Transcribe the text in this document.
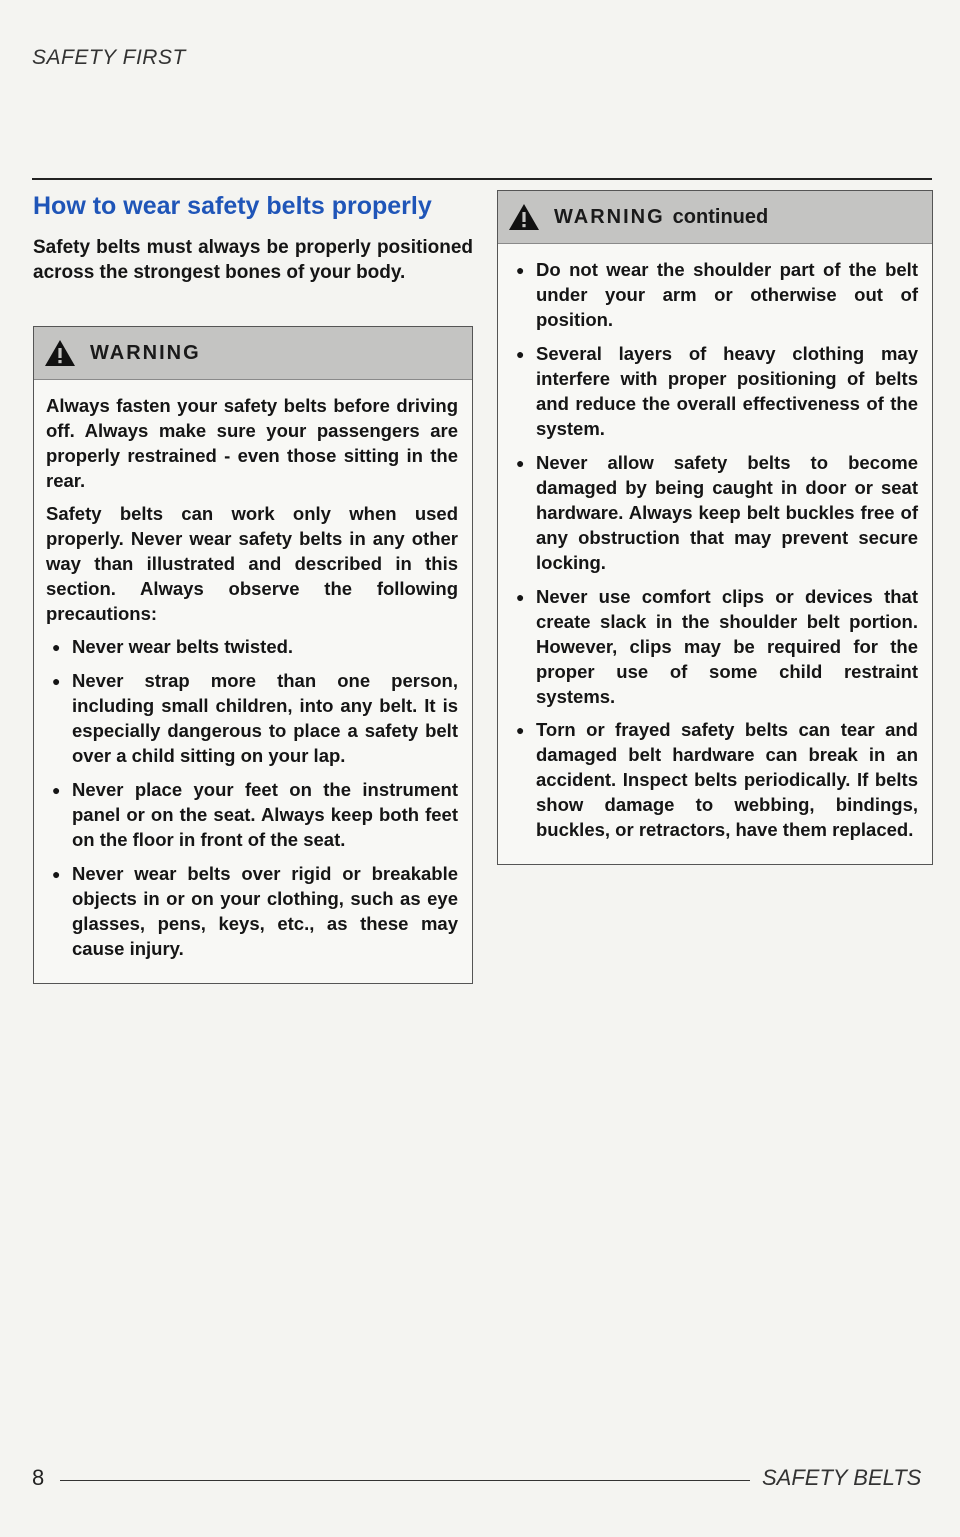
SAFETY FIRST
How to wear safety belts properly

Safety belts must always be properly positioned across the strongest bones of your body.

WARNING

Always fasten your safety belts before driving off. Always make sure your passengers are properly restrained - even those sitting in the rear.

Safety belts can work only when used properly. Never wear safety belts in any other way than illustrated and described in this section. Always observe the following precautions:

● Never wear belts twisted.
● Never strap more than one person, including small children, into any belt. It is especially dangerous to place a safety belt over a child sitting on your lap.
● Never place your feet on the instrument panel or on the seat. Always keep both feet on the floor in front of the seat.
● Never wear belts over rigid or breakable objects in or on your clothing, such as eye glasses, pens, keys, etc., as these may cause injury.
WARNING continued
● Do not wear the shoulder part of the belt under your arm or otherwise out of position.
● Several layers of heavy clothing may interfere with proper positioning of belts and reduce the overall effectiveness of the system.
● Never allow safety belts to become damaged by being caught in door or seat hardware. Always keep belt buckles free of any obstruction that may prevent secure locking.
● Never use comfort clips or devices that create slack in the shoulder belt portion. However, clips may be required for the proper use of some child restraint systems.
● Torn or frayed safety belts can tear and damaged belt hardware can break in an accident. Inspect belts periodically. If belts show damage to webbing, bindings, buckles, or retractors, have them replaced.
8	SAFETY BELTS
